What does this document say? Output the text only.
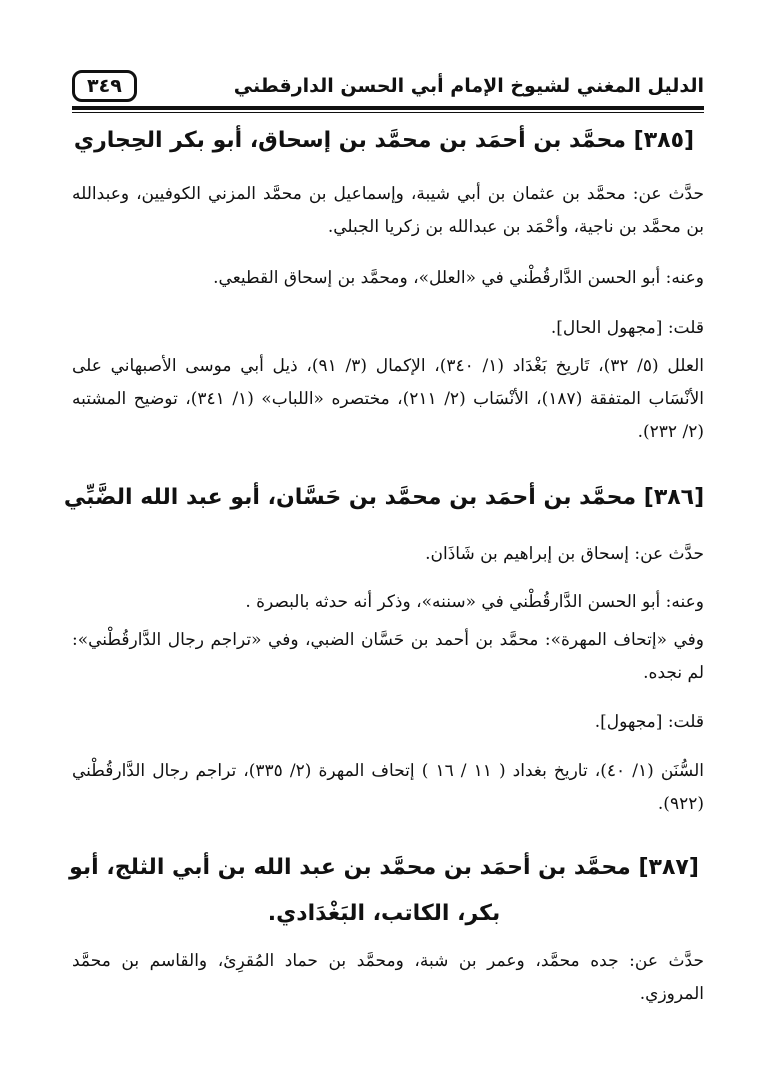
الدليل المغني لشيوخ الإمام أبي الحسن الدارقطني
٣٤٩
[٣٨٥] محمَّد بن أحمَد بن محمَّد بن إسحاق، أبو بكر الحِجاري
حدَّث عن: محمَّد بن عثمان بن أبي شيبة، وإسماعيل بن محمَّد المزني الكوفيين، وعبدالله بن محمَّد بن ناجية، وأحْمَد بن عبدالله بن زكريا الجبلي.
وعنه: أبو الحسن الدَّارقُطْني في «العلل»، ومحمَّد بن إسحاق القطيعي.
قلت: [مجهول الحال].
العلل (٥/ ٣٢)، تَاريخ بَغْدَاد (١/ ٣٤٠)، الإكمال (٣/ ٩١)، ذيل أبي موسى الأصبهاني على الأنْسَاب المتفقة (١٨٧)، الأنْسَاب (٢/ ٢١١)، مختصره «اللباب» (١/ ٣٤١)، توضيح المشتبه (٢/ ٢٣٢).
[٣٨٦] محمَّد بن أحمَد بن محمَّد بن حَسَّان، أبو عبد الله الضَّبِّي
حدَّث عن: إسحاق بن إبراهيم بن شَاذَان.
وعنه: أبو الحسن الدَّارقُطْني في «سننه»، وذكر أنه حدثه بالبصرة .
وفي «إتحاف المهرة»: محمَّد بن أحمد بن حَسَّان الضبي، وفي «تراجم رجال الدَّارقُطْني»: لم نجده.
قلت: [مجهول].
السُّنَن (١/ ٤٠)، تاريخ بغداد ( ١١ / ١٦ ) إتحاف المهرة (٢/ ٣٣٥)، تراجم رجال الدَّارقُطْني (٩٢٢).
[٣٨٧] محمَّد بن أحمَد بن محمَّد بن عبد الله بن أبي الثلج، أبو بكر، الكاتب، البَغْدَادي.
حدَّث عن: جده محمَّد، وعمر بن شبة، ومحمَّد بن حماد المُقرِئ، والقاسم بن محمَّد المروزي.
